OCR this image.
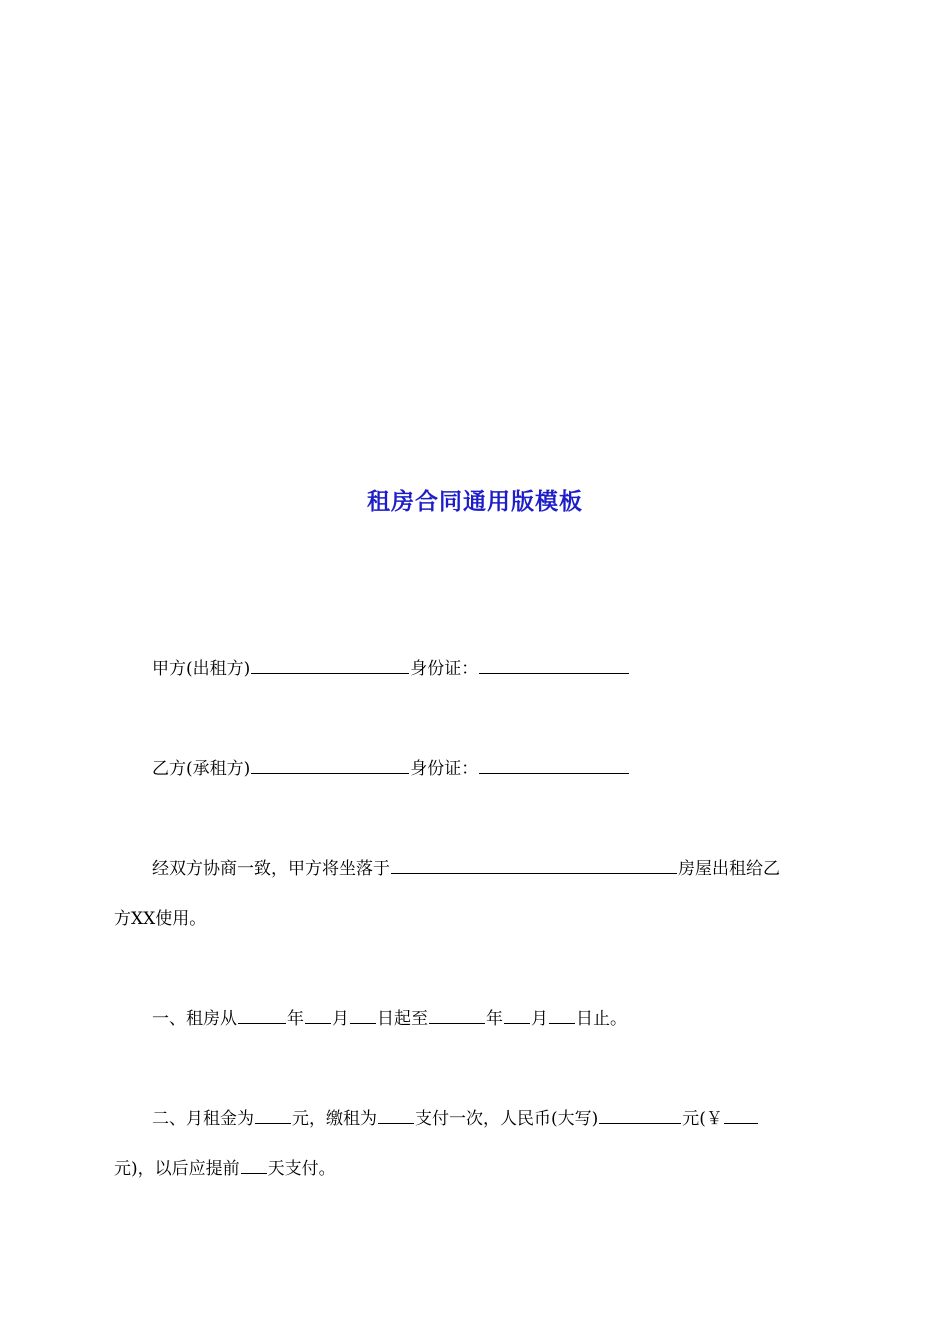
租房合同通用版模板
甲方(出租方)	身份证：
乙方(承租方)	身份证：
经双方协商一致，甲方将坐落于	房屋出租给乙
方XX使用。
一、租房从	年 月 日起至	年 月 日止。
二、月租金为 元，缴租为 支付一次，人民币(大写)	元(￥
元)，以后应提前 天支付。
